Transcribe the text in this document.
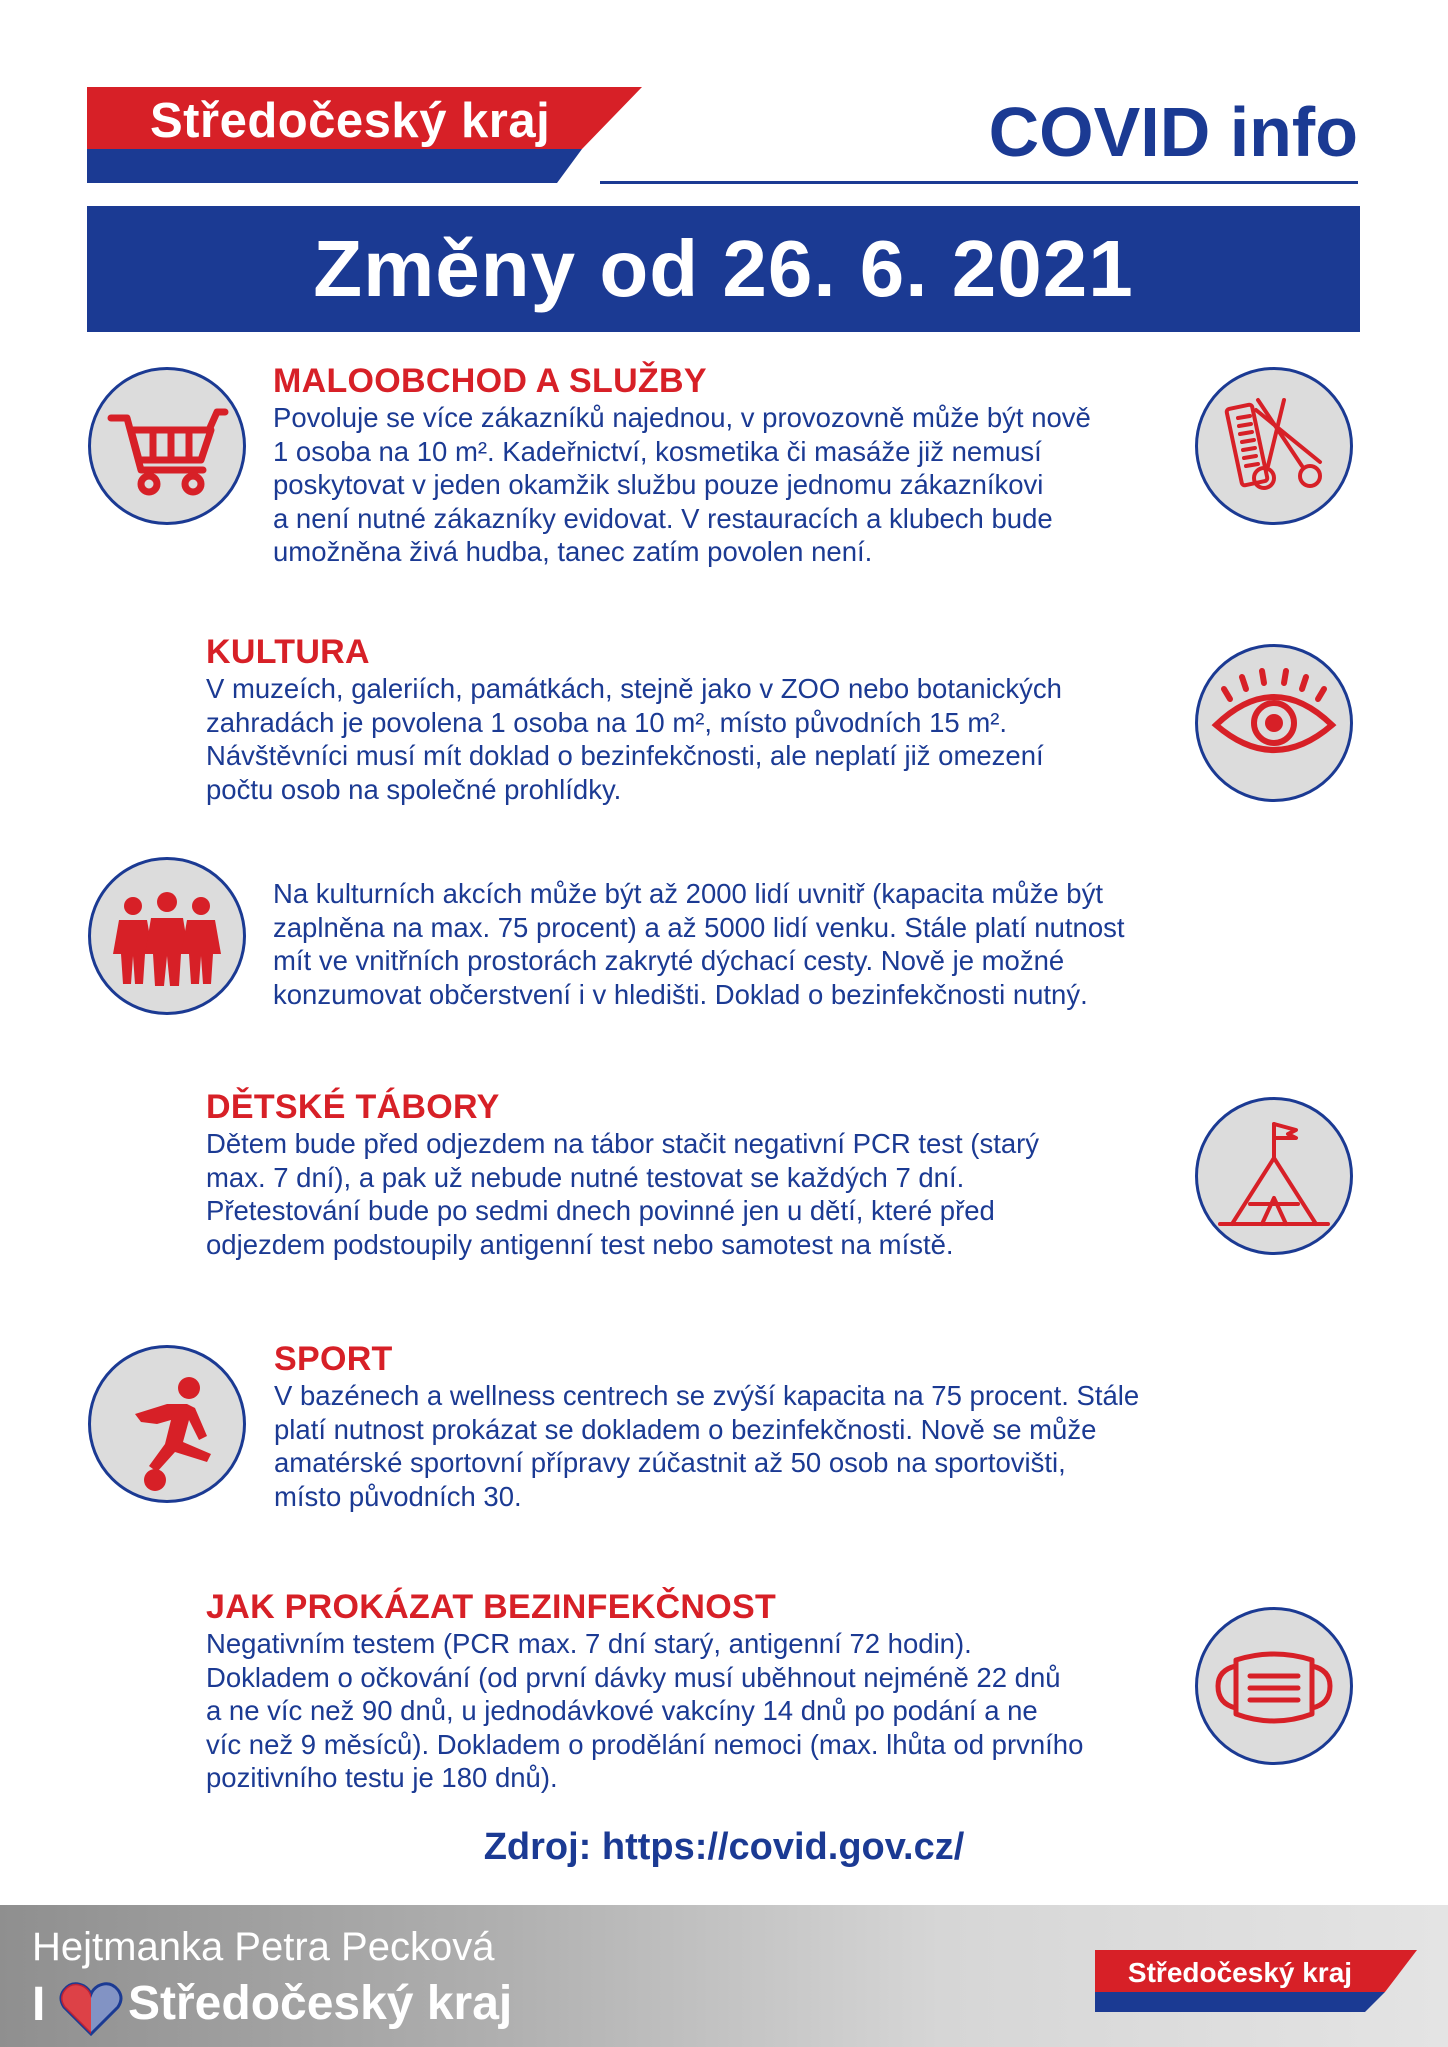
Středočeský kraj	COVID info
Změny od 26. 6. 2021
MALOOBCHOD A SLUŽBY
Povoluje se více zákazníků najednou, v provozovně může být nově
1 osoba na 10 m². Kadeřnictví, kosmetika či masáže již nemusí
poskytovat v jeden okamžik službu pouze jednomu zákazníkovi
a není nutné zákazníky evidovat. V restauracích a klubech bude
umožněna živá hudba, tanec zatím povolen není.
KULTURA
V muzeích, galeriích, památkách, stejně jako v ZOO nebo botanických
zahradách je povolena 1 osoba na 10 m², místo původních 15 m².
Návštěvníci musí mít doklad o bezinfekčnosti, ale neplatí již omezení
počtu osob na společné prohlídky.
Na kulturních akcích může být až 2000 lidí uvnitř (kapacita může být
zaplněna na max. 75 procent) a až 5000 lidí venku. Stále platí nutnost
mít ve vnitřních prostorách zakryté dýchací cesty. Nově je možné
konzumovat občerstvení i v hledišti. Doklad o bezinfekčnosti nutný.
DĚTSKÉ TÁBORY
Dětem bude před odjezdem na tábor stačit negativní PCR test (starý
max. 7 dní), a pak už nebude nutné testovat se každých 7 dní.
Přetestování bude po sedmi dnech povinné jen u dětí, které před
odjezdem podstoupily antigenní test nebo samotest na místě.
SPORT
V bazénech a wellness centrech se zvýší kapacita na 75 procent. Stále
platí nutnost prokázat se dokladem o bezinfekčnosti. Nově se může
amatérské sportovní přípravy zúčastnit až 50 osob na sportovišti,
místo původních 30.
JAK PROKÁZAT BEZINFEKČNOST
Negativním testem (PCR max. 7 dní starý, antigenní 72 hodin).
Dokladem o očkování (od první dávky musí uběhnout nejméně 22 dnů
a ne víc než 90 dnů, u jednodávkové vakcíny 14 dnů po podání a ne
víc než 9 měsíců). Dokladem o prodělání nemoci (max. lhůta od prvního
pozitivního testu je 180 dnů).
Zdroj: https://covid.gov.cz/
Hejtmanka Petra Pecková
I Středočeský kraj
Středočeský kraj
